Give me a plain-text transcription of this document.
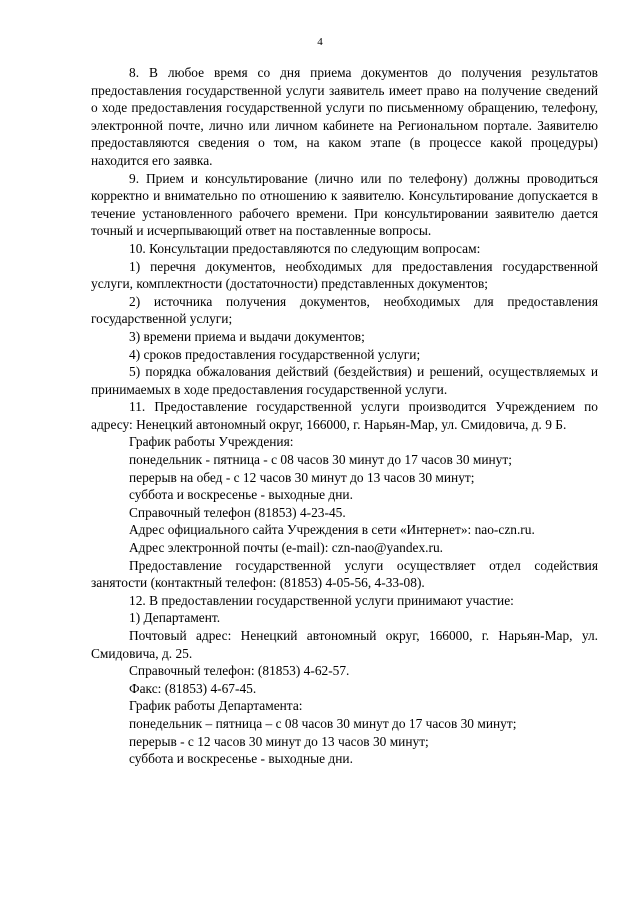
4

8. В любое время со дня приема документов до получения результатов предоставления государственной услуги заявитель имеет право на получение сведений о ходе предоставления государственной услуги по письменному обращению, телефону, электронной почте, лично или личном кабинете на Региональном портале. Заявителю предоставляются сведения о том, на каком этапе (в процессе какой процедуры) находится его заявка.

9. Прием и консультирование (лично или по телефону) должны проводиться корректно и внимательно по отношению к заявителю. Консультирование допускается в течение установленного рабочего времени. При консультировании заявителю дается точный и исчерпывающий ответ на поставленные вопросы.

10. Консультации предоставляются по следующим вопросам:

1) перечня документов, необходимых для предоставления государственной услуги, комплектности (достаточности) представленных документов;

2) источника получения документов, необходимых для предоставления государственной услуги;

3) времени приема и выдачи документов;

4) сроков предоставления государственной услуги;

5) порядка обжалования действий (бездействия) и решений, осуществляемых и принимаемых в ходе предоставления государственной услуги.

11. Предоставление государственной услуги производится Учреждением по адресу: Ненецкий автономный округ, 166000, г. Нарьян-Мар, ул. Смидовича, д. 9 Б.

График работы Учреждения:

понедельник - пятница - с 08 часов 30 минут до 17 часов 30 минут;

перерыв на обед - с 12 часов 30 минут до 13 часов 30 минут;

суббота и воскресенье - выходные дни.

Справочный телефон (81853) 4-23-45.

Адрес официального сайта Учреждения в сети «Интернет»: nao-czn.ru.

Адрес электронной почты (e-mail): czn-nao@yandex.ru.

Предоставление государственной услуги осуществляет отдел содействия занятости (контактный телефон: (81853) 4-05-56, 4-33-08).

12. В предоставлении государственной услуги принимают участие:

1) Департамент.

Почтовый адрес: Ненецкий автономный округ, 166000, г. Нарьян-Мар, ул. Смидовича, д. 25.

Справочный телефон: (81853) 4-62-57.

Факс: (81853) 4-67-45.

График работы Департамента:

понедельник – пятница – с 08 часов 30 минут до 17 часов 30 минут;

перерыв - с 12 часов 30 минут до 13 часов 30 минут;

суббота и воскресенье - выходные дни.
